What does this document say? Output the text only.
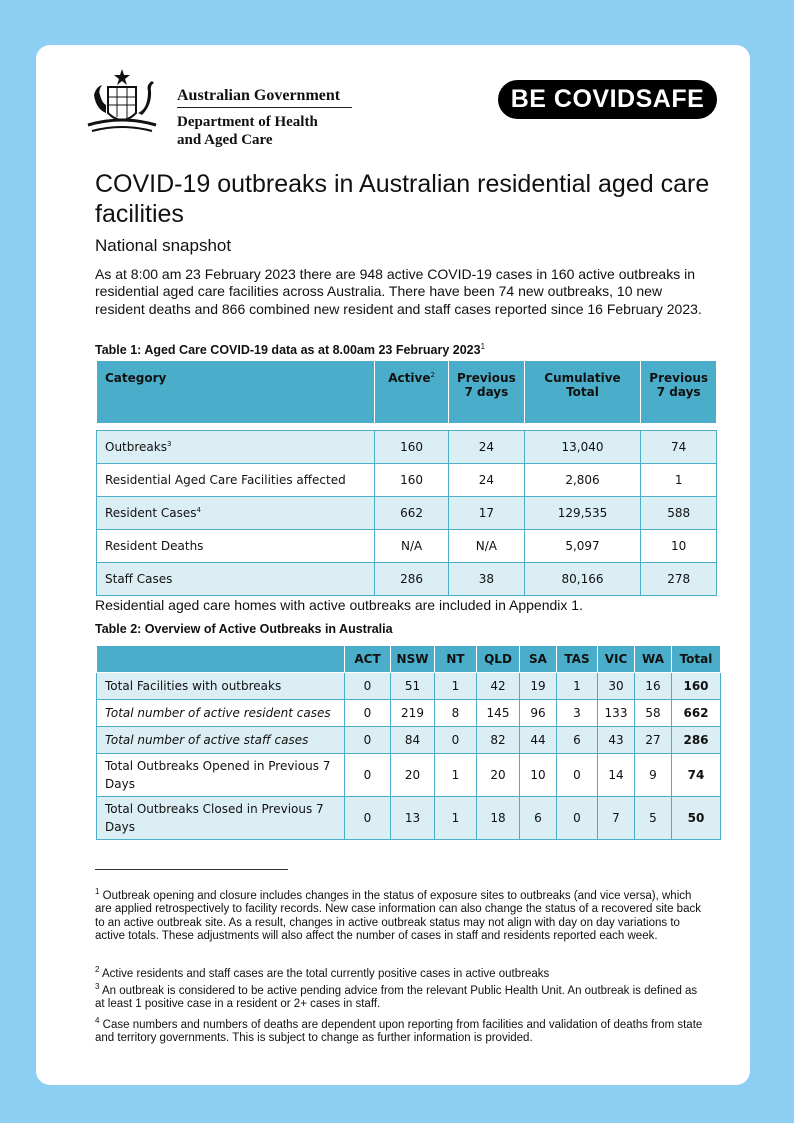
Australian Government
Department of Health
and Aged Care
BE COVIDSAFE
COVID-19 outbreaks in Australian residential aged care facilities
National snapshot
As at 8:00 am 23 February 2023 there are 948 active COVID-19 cases in 160 active outbreaks in residential aged care facilities across Australia. There have been 74 new outbreaks, 10 new resident deaths and 866 combined new resident and staff cases reported since 16 February 2023.
Table 1: Aged Care COVID-19 data as at 8.00am 23 February 2023$^1$
Category	Active$^2$	Previous 7 days	Cumulative Total	Previous 7 days

Outbreaks$^3$	160	24	13,040	74
Residential Aged Care Facilities affected	160	24	2,806	1
Resident Cases$^4$	662	17	129,535	588
Resident Deaths	N/A	N/A	5,097	10
Staff Cases	286	38	80,166	278
Residential aged care homes with active outbreaks are included in Appendix 1.
Table 2: Overview of Active Outbreaks in Australia
	ACT	NSW	NT	QLD	SA	TAS	VIC	WA	Total
Total Facilities with outbreaks	0	51	1	42	19	1	30	16	160
Total number of active resident cases	0	219	8	145	96	3	133	58	662
Total number of active staff cases	0	84	0	82	44	6	43	27	286
Total Outbreaks Opened in Previous 7 Days	0	20	1	20	10	0	14	9	74
Total Outbreaks Closed in Previous 7 Days	0	13	1	18	6	0	7	5	50
$^1$ Outbreak opening and closure includes changes in the status of exposure sites to outbreaks (and vice versa), which are applied retrospectively to facility records. New case information can also change the status of a recovered site back to an active outbreak site. As a result, changes in active outbreak status may not align with day on day variations to active totals. These adjustments will also affect the number of cases in staff and residents reported each week.
$^2$ Active residents and staff cases are the total currently positive cases in active outbreaks
$^3$ An outbreak is considered to be active pending advice from the relevant Public Health Unit. An outbreak is defined as at least 1 positive case in a resident or 2+ cases in staff.
$^4$ Case numbers and numbers of deaths are dependent upon reporting from facilities and validation of deaths from state and territory governments. This is subject to change as further information is provided.
